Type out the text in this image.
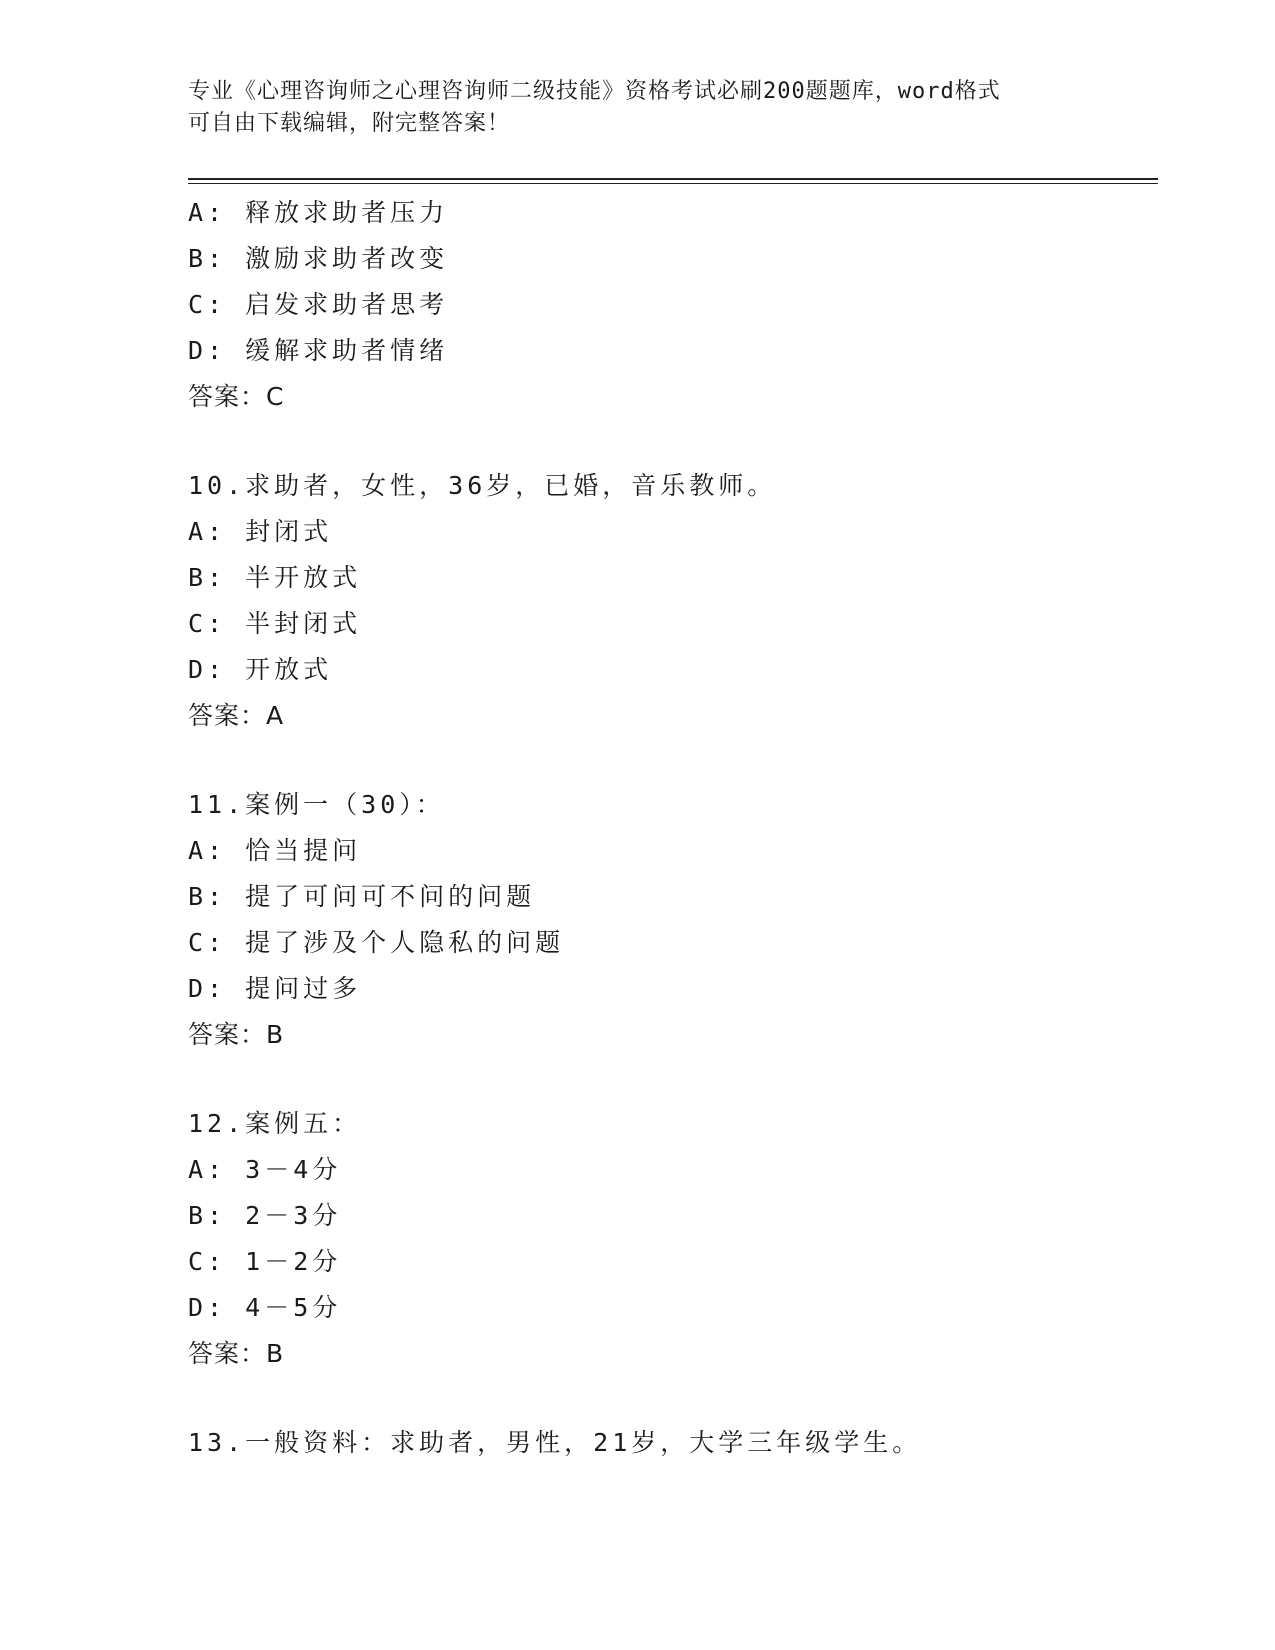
专业《心理咨询师之心理咨询师二级技能》资格考试必刷200题题库，word格式
可自由下载编辑，附完整答案！
A: 释放求助者压力
B: 激励求助者改变
C: 启发求助者思考
D: 缓解求助者情绪
答案：C
10.求助者，女性，36岁，已婚，音乐教师。
A: 封闭式
B: 半开放式
C: 半封闭式
D: 开放式
答案：A
11.案例一（30）：
A: 恰当提问
B: 提了可问可不问的问题
C: 提了涉及个人隐私的问题
D: 提问过多
答案：B
12.案例五：
A: 3－4分
B: 2－3分
C: 1－2分
D: 4－5分
答案：B
13.一般资料：求助者，男性，21岁，大学三年级学生。
